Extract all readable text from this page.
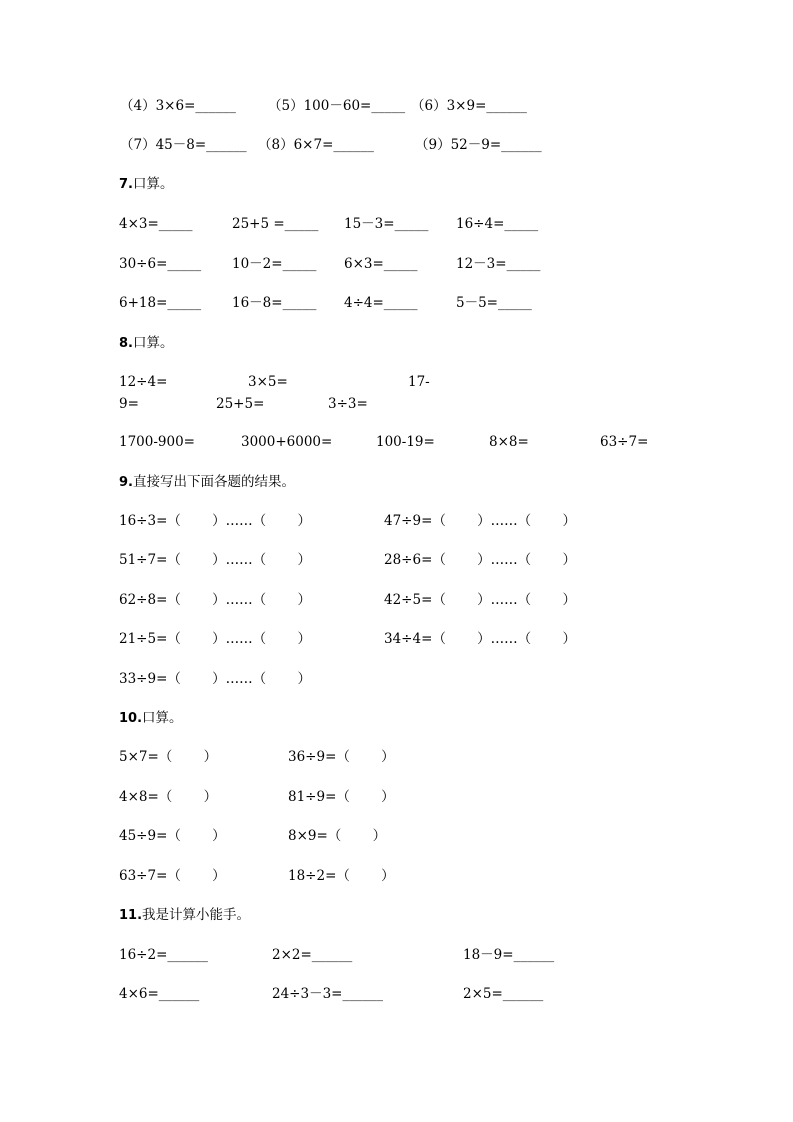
（4）3×6=______ （5）100－60=_____ （6）3×9=______
（7）45－8=______ （8）6×7=______	（9）52－9=______
7.口算。
4×3=_____	25+5 =_____ 15－3=_____ 16÷4=_____
30÷6=_____ 10－2=_____ 6×3=_____	12－3=_____
6+18=_____ 16－8=_____ 4÷4=_____	5－5=_____
8.口算。
12÷4=	3×5=	17-
9=	25+5=	3÷3=
1700-900=	3000+6000=	100-19=	8×8=	63÷7=
9.直接写出下面各题的结果。
16÷3=（　　 ）……（　　 ）	47÷9=（　　 ）……（　　 ）
51÷7=（　　 ）……（　　 ）	28÷6=（　　 ）……（　　 ）
62÷8=（　　 ）……（　　 ）	42÷5=（　　 ）……（　　 ）
21÷5=（　　 ）……（　　 ）	34÷4=（　　 ）……（　　 ）
33÷9=（　　 ）……（　　 ）
10.口算。
5×7=（　　 ）	36÷9=（　　 ）
4×8=（　　 ）	81÷9=（　　 ）
45÷9=（　　 ）	8×9=（　　 ）
63÷7=（　　 ）	18÷2=（　　 ）
11.我是计算小能手。
16÷2=______	2×2=______	18－9=______
4×6=______	24÷3－3=______	2×5=______
